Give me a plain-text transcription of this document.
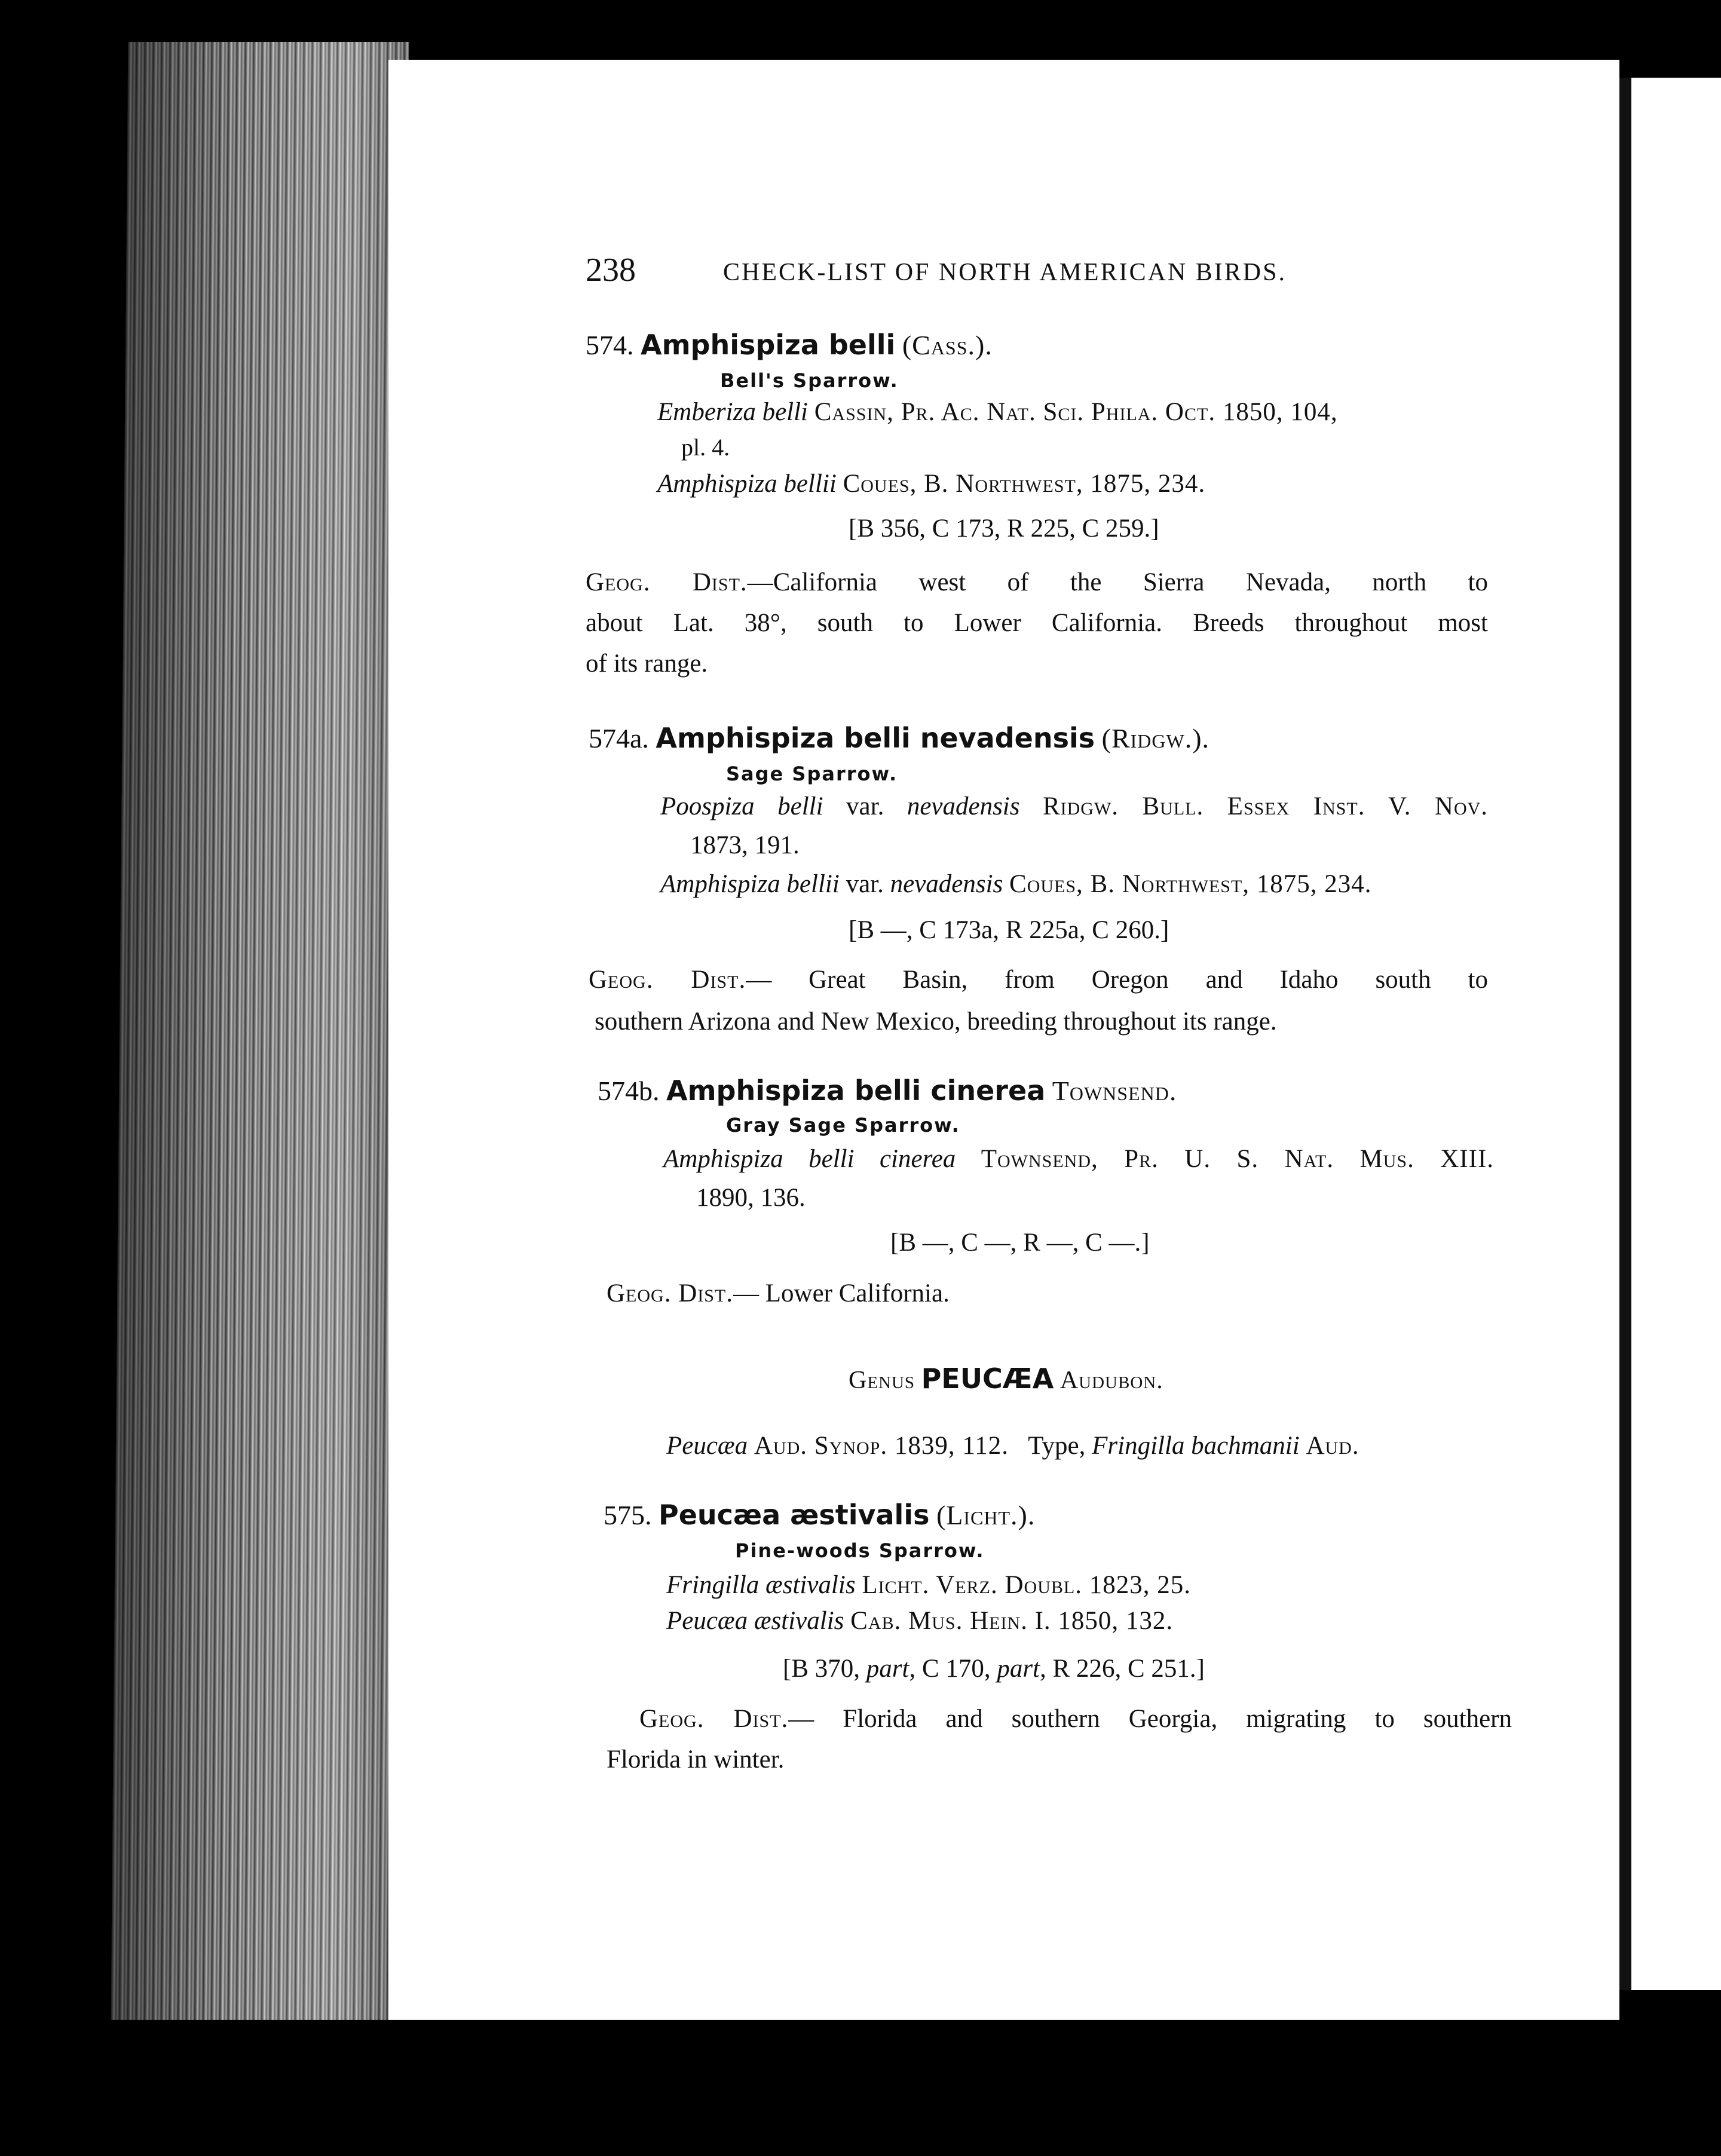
238	CHECK-LIST OF NORTH AMERICAN BIRDS.
574. Amphispiza belli (Cass.).
Bell's Sparrow.
Emberiza belli Cassin, Pr. Ac. Nat. Sci. Phila. Oct. 1850, 104,
pl. 4.
Amphispiza bellii Coues, B. Northwest, 1875, 234.
[B 356, C 173, R 225, C 259.]
Geog. Dist.—California west of the Sierra Nevada, north to
about Lat. 38°, south to Lower California. Breeds throughout most
of its range.
574a. Amphispiza belli nevadensis (Ridgw.).
Sage Sparrow.
Poospiza belli var. nevadensis Ridgw. Bull. Essex Inst. V. Nov.
1873, 191.
Amphispiza bellii var. nevadensis Coues, B. Northwest, 1875, 234.
[B —, C 173a, R 225a, C 260.]
Geog. Dist.— Great Basin, from Oregon and Idaho south to
southern Arizona and New Mexico, breeding throughout its range.
574b. Amphispiza belli cinerea Townsend.
Gray Sage Sparrow.
Amphispiza belli cinerea Townsend, Pr. U. S. Nat. Mus. XIII.
1890, 136.
[B —, C —, R —, C —.]
Geog. Dist.— Lower California.
Genus PEUCÆA Audubon.
Peucæa Aud. Synop. 1839, 112. Type, Fringilla bachmanii Aud.
575. Peucæa æstivalis (Licht.).
Pine-woods Sparrow.
Fringilla æstivalis Licht. Verz. Doubl. 1823, 25.
Peucæa æstivalis Cab. Mus. Hein. I. 1850, 132.
[B 370, part, C 170, part, R 226, C 251.]
Geog. Dist.— Florida and southern Georgia, migrating to southern
Florida in winter.
